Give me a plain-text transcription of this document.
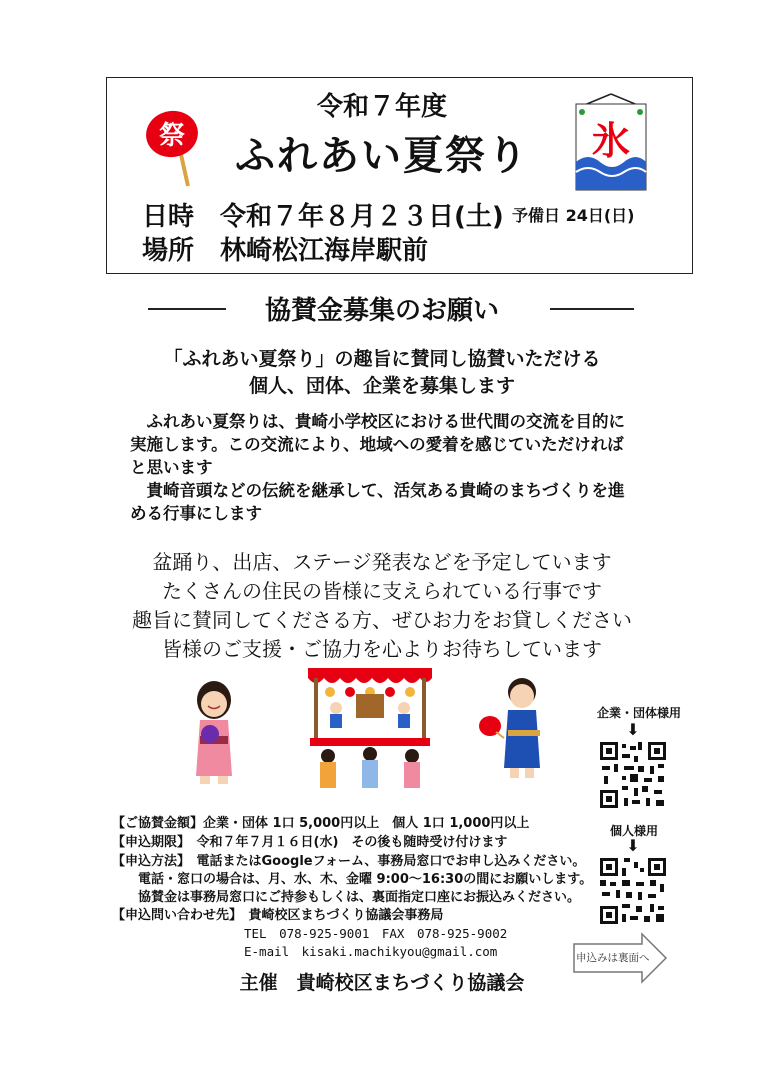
令和７年度
ふれあい夏祭り
祭	氷
日時 令和７年８月２３日(土) 予備日 24日(日)
場所 林崎松江海岸駅前
協賛金募集のお願い
「ふれあい夏祭り」の趣旨に賛同し協賛いただける
個人、団体、企業を募集します

　ふれあい夏祭りは、貴崎小学校区における世代間の交流を目的に実施します。この交流により、地域への愛着を感じていただければと思います

　貴崎音頭などの伝統を継承して、活気ある貴崎のまちづくりを進める行事にします

盆踊り、出店、ステージ発表などを予定しています
たくさんの住民の皆様に支えられている行事です
趣旨に賛同してくださる方、ぜひお力をお貸しください
皆様のご支援・ご協力を心よりお待ちしています
企業・団体様用
⬇
個人様用
⬇
申込みは裏面へ
【ご協賛金額】企業・団体 1口 5,000円以上　個人 1口 1,000円以上
【申込期限】　令和７年７月１６日(水)　その後も随時受け付けます
【申込方法】　電話またはGoogleフォーム、事務局窓口でお申し込みください。
　　電話・窓口の場合は、月、水、木、金曜 9:00～16:30の間にお願いします。
　　協賛金は事務局窓口にご持参もしくは、裏面指定口座にお振込みください。
【申込問い合わせ先】　貴崎校区まちづくり協議会事務局
TEL　078-925-9001　FAX　078-925-9002
E-mail　kisaki.machikyou@gmail.com
主催　貴崎校区まちづくり協議会
